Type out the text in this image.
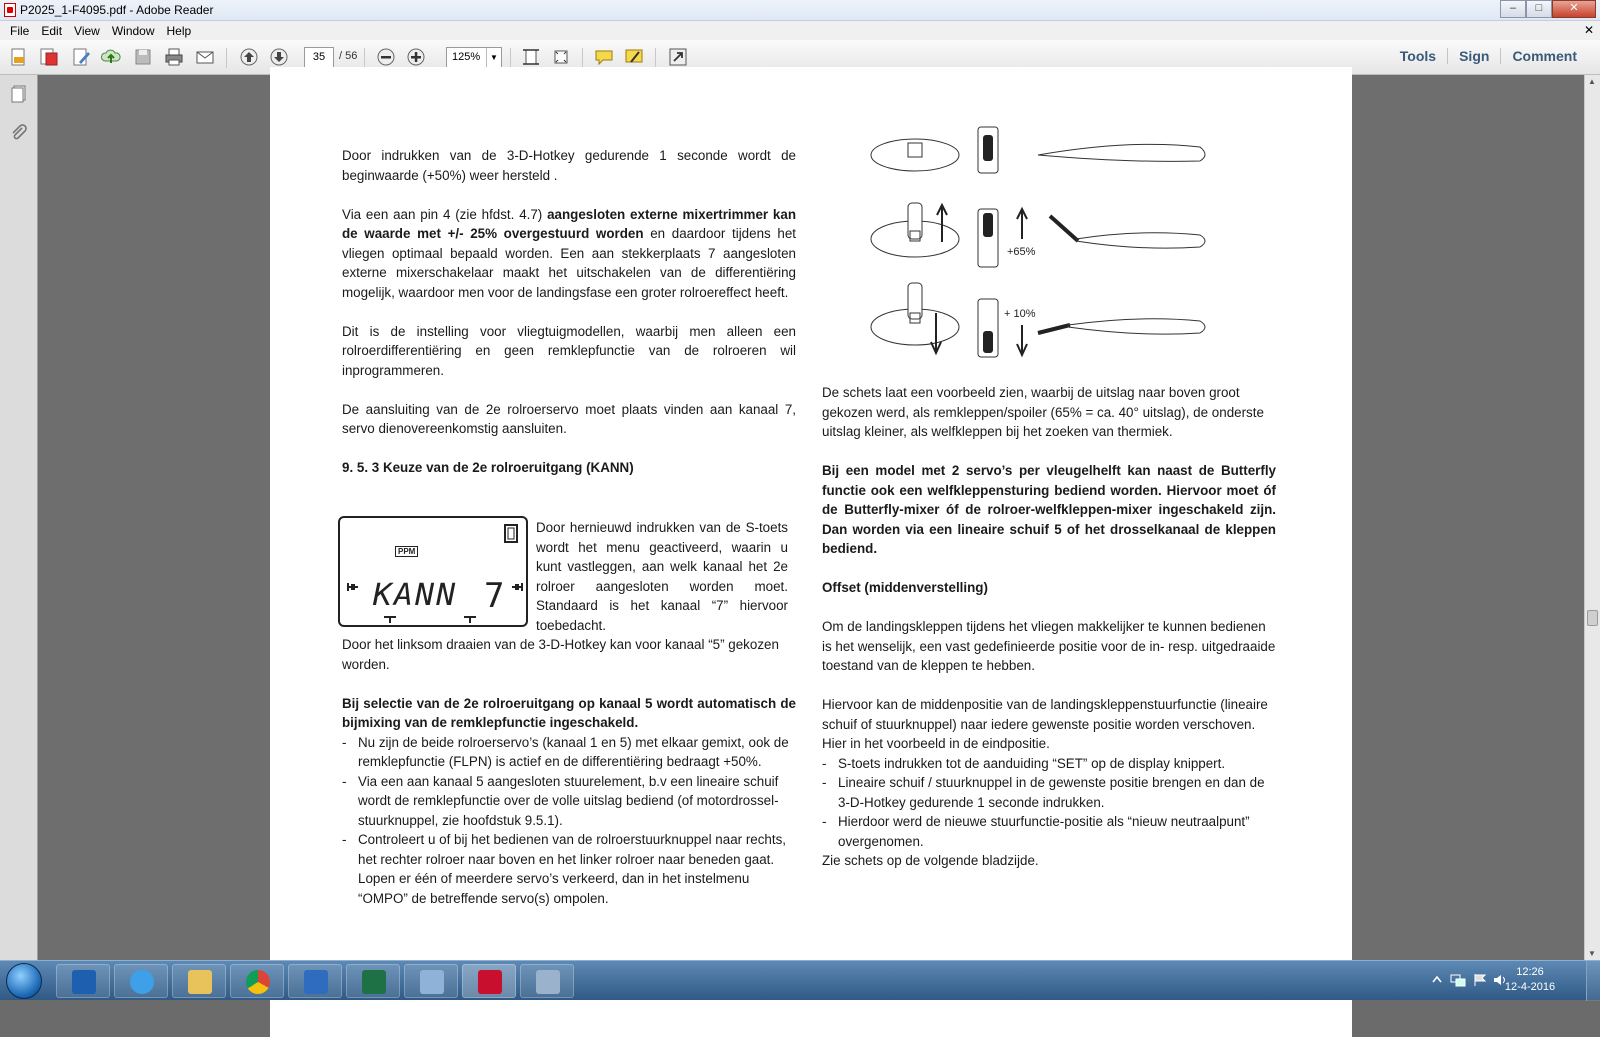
P2025_1-F4095.pdf - Adobe Reader	–	□	✕
File	Edit	View	Window	Help	✕
35	/ 56	125%	▼	Tools	Sign	Comment

Door indrukken van de 3-D-Hotkey gedurende 1 seconde wordt de beginwaarde (+50%) weer hersteld .

Via een aan pin 4 (zie hfdst. 4.7) aangesloten externe mixertrimmer kan de waarde met +/- 25% overgestuurd worden en daardoor tijdens het vliegen optimaal bepaald worden. Een aan stekkerplaats 7 aangesloten externe mixerschakelaar maakt het uitschakelen van de differentiëring mogelijk, waardoor men voor de landingsfase een groter rolroereffect heeft.

Dit is de instelling voor vliegtuigmodellen, waarbij men alleen een rolroerdifferentiëring en geen remklepfunctie van de rolroeren wil inprogrammeren.

De aansluiting van de 2e rolroerservo moet plaats vinden aan kanaal 7, servo dienovereenkomstig aansluiten.

9. 5. 3 Keuze van de 2e rolroeruitgang (KANN)

PPM
KANN 7

Door hernieuwd indrukken van de S-toets wordt het menu geactiveerd, waarin u kunt vastleggen, aan welk kanaal het 2e rolroer aangesloten worden moet. Standaard is het kanaal “7” hiervoor toebedacht.

Door het linksom draaien van de 3-D-Hotkey kan voor kanaal “5” gekozen worden.

Bij selectie van de 2e rolroeruitgang op kanaal 5 wordt automatisch de bijmixing van de remklepfunctie ingeschakeld.

- Nu zijn de beide rolroerservo’s (kanaal 1 en 5) met elkaar gemixt, ook de remklepfunctie (FLPN) is actief en de differentiëring bedraagt +50%.
- Via een aan kanaal 5 aangesloten stuurelement, b.v een lineaire schuif wordt de remklepfunctie over de volle uitslag bediend (of motordrossel-stuurknuppel, zie hoofdstuk 9.5.1).
- Controleert u of bij het bedienen van de rolroerstuurknuppel naar rechts, het rechter rolroer naar boven en het linker rolroer naar beneden gaat. Lopen er één of meerdere servo’s verkeerd, dan in het instelmenu “OMPO” de betreffende servo(s) ompolen.
+65%
+ 10%

De schets laat een voorbeeld zien, waarbij de uitslag naar boven groot gekozen werd, als remkleppen/spoiler (65% = ca. 40° uitslag), de onderste uitslag kleiner, als welfkleppen bij het zoeken van thermiek.

Bij een model met 2 servo’s per vleugelhelft kan naast de Butterfly functie ook een welfkleppensturing bediend worden. Hiervoor moet óf de Butterfly-mixer óf de rolroer-welfkleppen-mixer ingeschakeld zijn. Dan worden via een lineaire schuif 5 of het drosselkanaal de kleppen bediend.

Offset (middenverstelling)

Om de landingskleppen tijdens het vliegen makkelijker te kunnen bedienen is het wenselijk, een vast gedefinieerde positie voor de in- resp. uitgedraaide toestand van de kleppen te hebben.

Hiervoor kan de middenpositie van de landingskleppenstuurfunctie (lineaire schuif of stuurknuppel) naar iedere gewenste positie worden verschoven. Hier in het voorbeeld in de eindpositie.

- S-toets indrukken tot de aanduiding “SET” op de display knippert.
- Lineaire schuif / stuurknuppel in de gewenste positie brengen en dan de 3-D-Hotkey gedurende 1 seconde indrukken.
- Hierdoor werd de nieuwe stuurfunctie-positie als “nieuw neutraalpunt” overgenomen.

Zie schets op de volgende bladzijde.

▲
▼
12:26
12-4-2016
